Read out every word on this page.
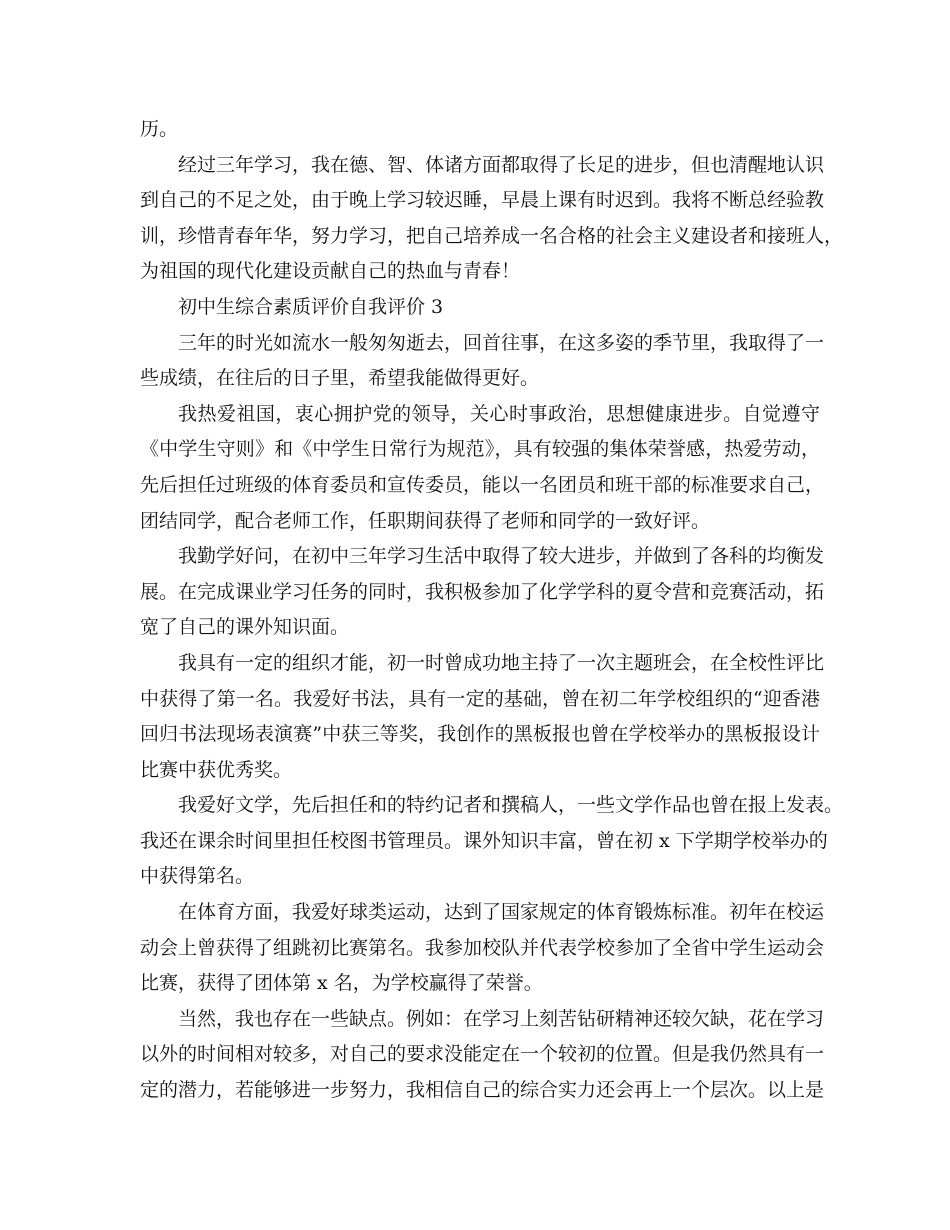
历。
经过三年学习，我在德、智、体诸方面都取得了长足的进步，但也清醒地认识
到自己的不足之处，由于晚上学习较迟睡，早晨上课有时迟到。我将不断总经验教
训，珍惜青春年华，努力学习，把自己培养成一名合格的社会主义建设者和接班人，
为祖国的现代化建设贡献自己的热血与青春！
初中生综合素质评价自我评价 3
三年的时光如流水一般匆匆逝去，回首往事，在这多姿的季节里，我取得了一
些成绩，在往后的日子里，希望我能做得更好。
我热爱祖国，衷心拥护党的领导，关心时事政治，思想健康进步。自觉遵守
《中学生守则》和《中学生日常行为规范》，具有较强的集体荣誉感，热爱劳动，
先后担任过班级的体育委员和宣传委员，能以一名团员和班干部的标准要求自己，
团结同学，配合老师工作，任职期间获得了老师和同学的一致好评。
我勤学好问，在初中三年学习生活中取得了较大进步，并做到了各科的均衡发
展。在完成课业学习任务的同时，我积极参加了化学学科的夏令营和竞赛活动，拓
宽了自己的课外知识面。
我具有一定的组织才能，初一时曾成功地主持了一次主题班会，在全校性评比
中获得了第一名。我爱好书法，具有一定的基础，曾在初二年学校组织的“迎香港
回归书法现场表演赛”中获三等奖，我创作的黑板报也曾在学校举办的黑板报设计
比赛中获优秀奖。
我爱好文学，先后担任和的特约记者和撰稿人，一些文学作品也曾在报上发表。
我还在课余时间里担任校图书管理员。课外知识丰富，曾在初 x 下学期学校举办的
中获得第名。
在体育方面，我爱好球类运动，达到了国家规定的体育锻炼标准。初年在校运
动会上曾获得了组跳初比赛第名。我参加校队并代表学校参加了全省中学生运动会
比赛，获得了团体第 x 名，为学校赢得了荣誉。
当然，我也存在一些缺点。例如：在学习上刻苦钻研精神还较欠缺，花在学习
以外的时间相对较多，对自己的要求没能定在一个较初的位置。但是我仍然具有一
定的潜力，若能够进一步努力，我相信自己的综合实力还会再上一个层次。以上是
